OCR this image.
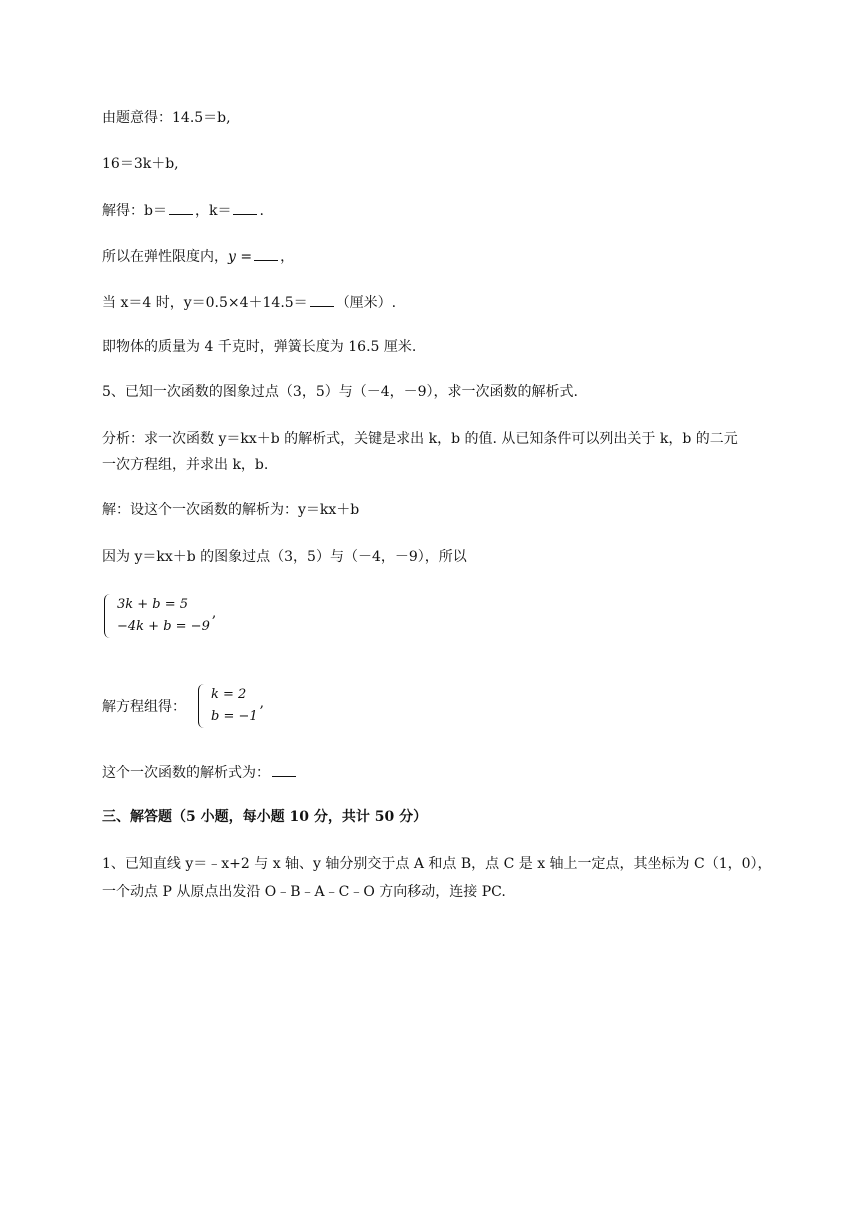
由题意得：14.5＝b,
16＝3k＋b,
解得：b＝ ，k＝ .
所以在弹性限度内，y = ，
当 x＝4 时，y＝0.5×4＋14.5＝ （厘米）.
即物体的质量为 4 千克时，弹簧长度为 16.5 厘米.
5、已知一次函数的图象过点（3，5）与（－4，－9），求一次函数的解析式.
分析：求一次函数 y＝kx＋b 的解析式，关键是求出 k，b 的值. 从已知条件可以列出关于 k，b 的二元
一次方程组，并求出 k，b.
解：设这个一次函数的解析为：y＝kx＋b
因为 y＝kx＋b 的图象过点（3，5）与（－4，－9），所以
3k + b = 5
−4k + b = −9
,
解方程组得：
k = 2
b = −1
,
这个一次函数的解析式为：
三、解答题（5 小题，每小题 10 分，共计 50 分）
1、已知直线 y＝﹣x+2 与 x 轴、y 轴分别交于点 A 和点 B，点 C 是 x 轴上一定点，其坐标为 C（1，0），
一个动点 P 从原点出发沿 O﹣B﹣A﹣C﹣O 方向移动，连接 PC.
